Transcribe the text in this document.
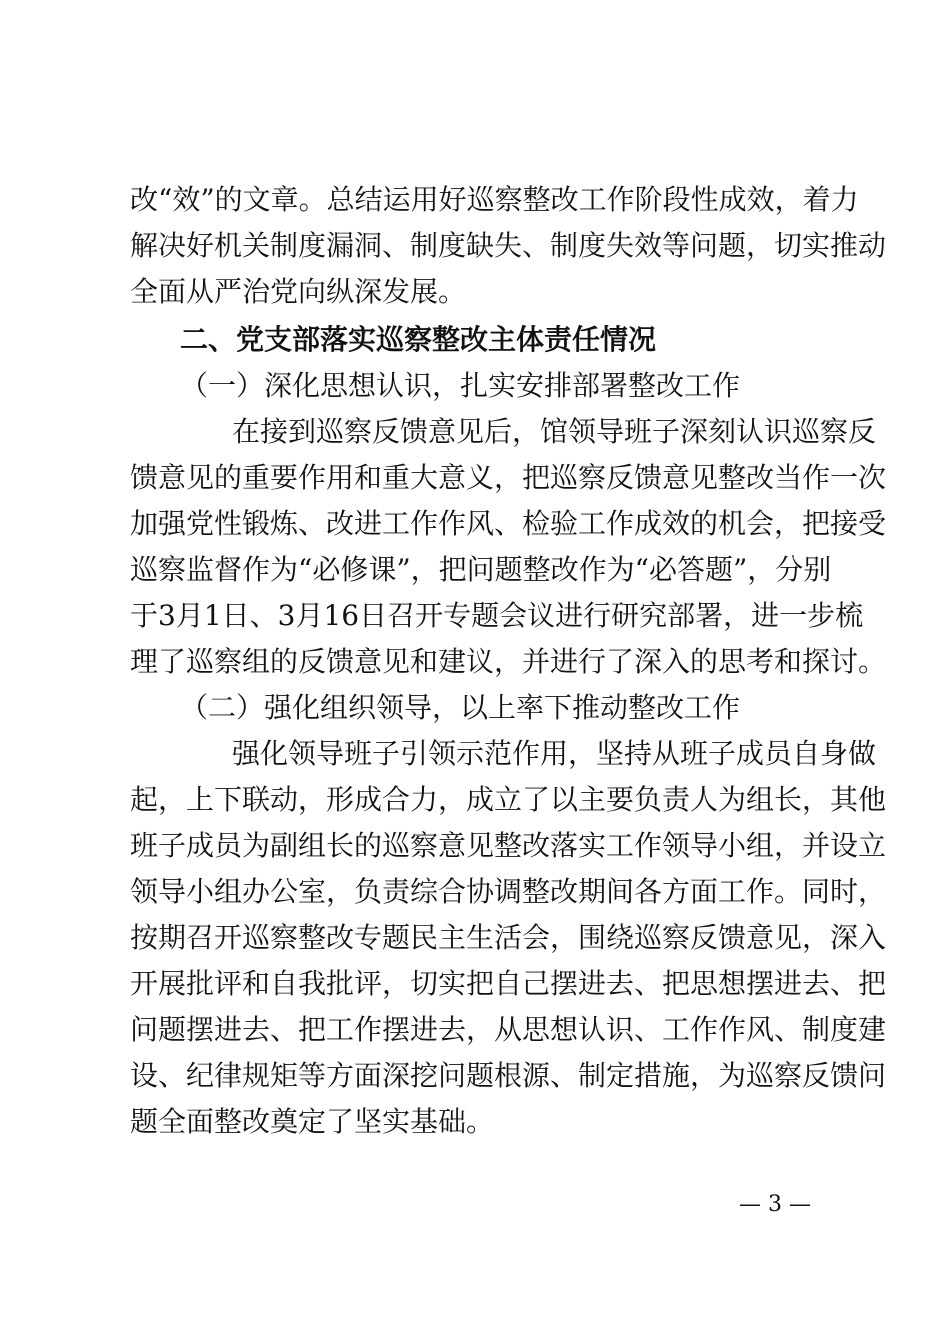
改“效”的文章。总结运用好巡察整改工作阶段性成效，着力
解决好机关制度漏洞、制度缺失、制度失效等问题，切实推动
全面从严治党向纵深发展。
二、党支部落实巡察整改主体责任情况
（一）深化思想认识，扎实安排部署整改工作
在接到巡察反馈意见后，馆领导班子深刻认识巡察反
馈意见的重要作用和重大意义，把巡察反馈意见整改当作一次
加强党性锻炼、改进工作作风、检验工作成效的机会，把接受
巡察监督作为“必修课”，把问题整改作为“必答题”，分别
于3月1日、3月16日召开专题会议进行研究部署，进一步梳
理了巡察组的反馈意见和建议，并进行了深入的思考和探讨。
（二）强化组织领导，以上率下推动整改工作
强化领导班子引领示范作用，坚持从班子成员自身做
起，上下联动，形成合力，成立了以主要负责人为组长，其他
班子成员为副组长的巡察意见整改落实工作领导小组，并设立
领导小组办公室，负责综合协调整改期间各方面工作。同时，
按期召开巡察整改专题民主生活会，围绕巡察反馈意见，深入
开展批评和自我批评，切实把自己摆进去、把思想摆进去、把
问题摆进去、把工作摆进去，从思想认识、工作作风、制度建
设、纪律规矩等方面深挖问题根源、制定措施，为巡察反馈问
题全面整改奠定了坚实基础。
— 3 —
